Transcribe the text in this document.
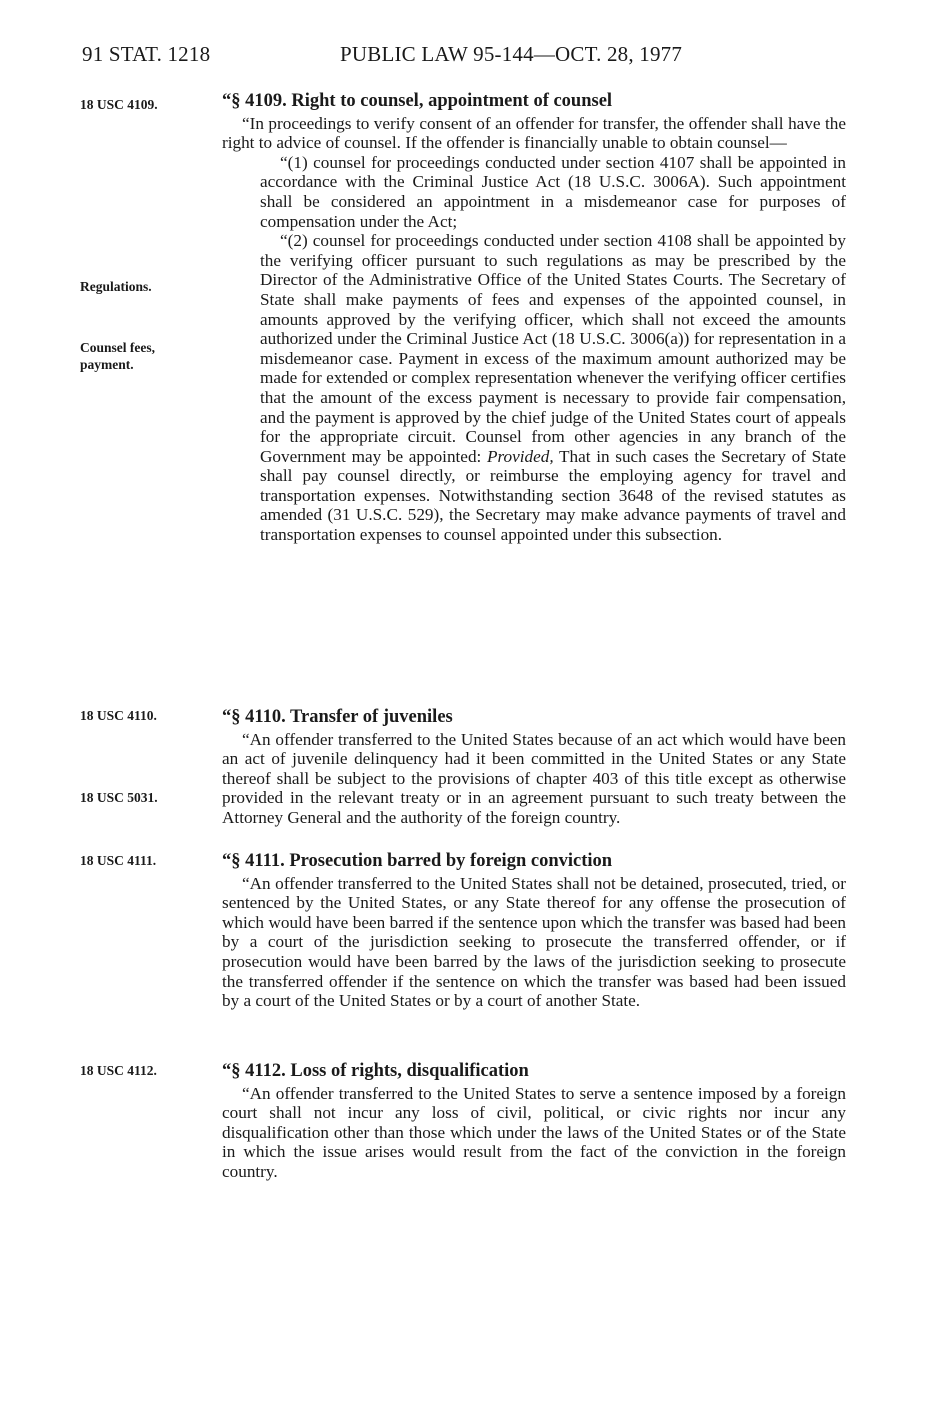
91 STAT. 1218	PUBLIC LAW 95-144—OCT. 28, 1977
18 USC 4109.
Regulations.
Counsel fees,
payment.
18 USC 4110.
18 USC 5031.
18 USC 4111.
18 USC 4112.
“§ 4109. Right to counsel, appointment of counsel

“In proceedings to verify consent of an offender for transfer, the offender shall have the right to advice of counsel. If the offender is financially unable to obtain counsel—

“(1) counsel for proceedings conducted under section 4107 shall be appointed in accordance with the Criminal Justice Act (18 U.S.C. 3006A). Such appointment shall be considered an appointment in a misdemeanor case for purposes of compensation under the Act;

“(2) counsel for proceedings conducted under section 4108 shall be appointed by the verifying officer pursuant to such regulations as may be prescribed by the Director of the Administrative Office of the United States Courts. The Secretary of State shall make payments of fees and expenses of the appointed counsel, in amounts approved by the verifying officer, which shall not exceed the amounts authorized under the Criminal Justice Act (18 U.S.C. 3006(a)) for representation in a misdemeanor case. Payment in excess of the maximum amount authorized may be made for extended or complex representation whenever the verifying officer certifies that the amount of the excess payment is necessary to provide fair compensation, and the payment is approved by the chief judge of the United States court of appeals for the appropriate circuit. Counsel from other agencies in any branch of the Government may be appointed: Provided, That in such cases the Secretary of State shall pay counsel directly, or reimburse the employing agency for travel and transportation expenses. Notwithstanding section 3648 of the revised statutes as amended (31 U.S.C. 529), the Secretary may make advance payments of travel and transportation expenses to counsel appointed under this subsection.

“§ 4110. Transfer of juveniles

“An offender transferred to the United States because of an act which would have been an act of juvenile delinquency had it been committed in the United States or any State thereof shall be subject to the provisions of chapter 403 of this title except as otherwise provided in the relevant treaty or in an agreement pursuant to such treaty between the Attorney General and the authority of the foreign country.

“§ 4111. Prosecution barred by foreign conviction

“An offender transferred to the United States shall not be detained, prosecuted, tried, or sentenced by the United States, or any State thereof for any offense the prosecution of which would have been barred if the sentence upon which the transfer was based had been by a court of the jurisdiction seeking to prosecute the transferred offender, or if prosecution would have been barred by the laws of the jurisdiction seeking to prosecute the transferred offender if the sentence on which the transfer was based had been issued by a court of the United States or by a court of another State.

“§ 4112. Loss of rights, disqualification

“An offender transferred to the United States to serve a sentence imposed by a foreign court shall not incur any loss of civil, political, or civic rights nor incur any disqualification other than those which under the laws of the United States or of the State in which the issue arises would result from the fact of the conviction in the foreign country.
